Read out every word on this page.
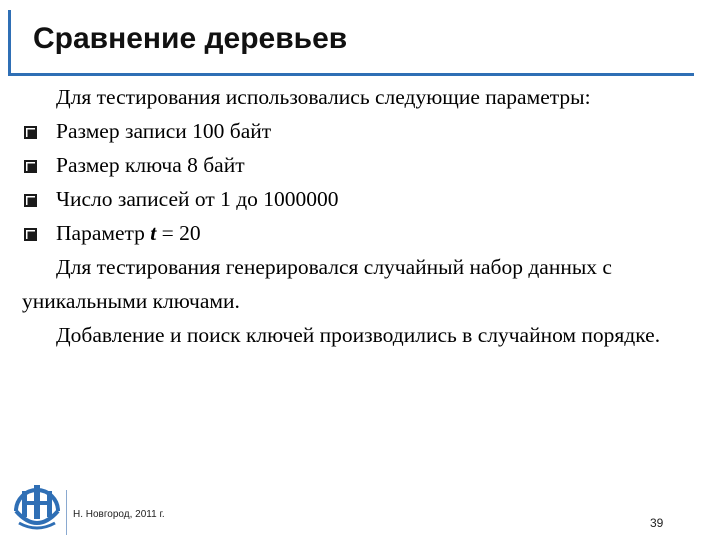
Сравнение деревьев

Для тестирования использовались следующие параметры:

Размер записи 100 байт
Размер ключа 8 байт
Число записей от 1 до 1000000
Параметр t = 20

Для тестирования генерировался случайный набор данных с уникальными ключами.

Добавление и поиск ключей производились в случайном порядке.

Н. Новгород, 2011 г.
39
